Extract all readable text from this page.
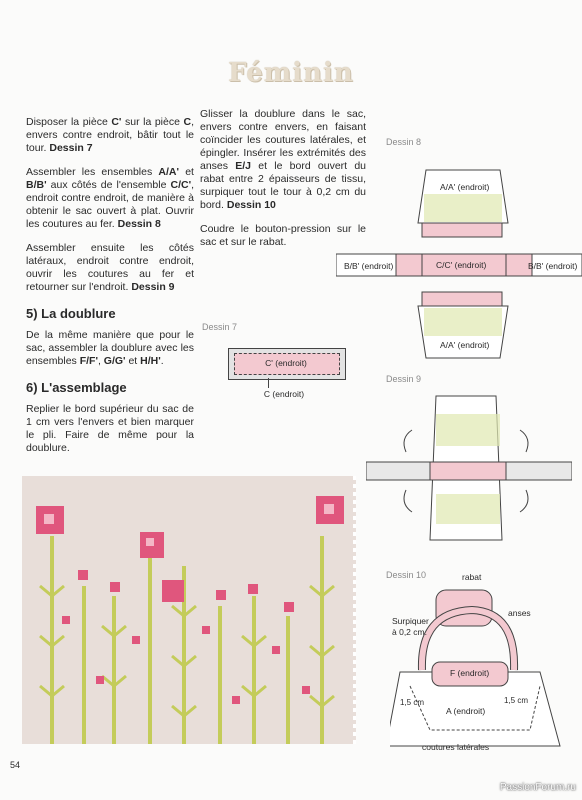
Féminin

Disposer la pièce C' sur la pièce C, envers contre endroit, bâtir tout le tour. Dessin 7

Assembler les ensembles A/A' et B/B' aux côtés de l'ensemble C/C', endroit contre endroit, de manière à obtenir le sac ouvert à plat. Ouvrir les coutures au fer. Dessin 8

Assembler ensuite les côtés latéraux, endroit contre endroit, ouvrir les coutures au fer et retourner sur l'endroit. Dessin 9

5) La doublure

De la même manière que pour le sac, assembler la doublure avec les ensembles F/F', G/G' et H/H'.

6) L'assemblage

Replier le bord supérieur du sac de 1 cm vers l'envers et bien marquer le pli. Faire de même pour la doublure.

Glisser la doublure dans le sac, envers contre envers, en faisant coïncider les coutures latérales, et épingler. Insérer les extrémités des anses E/J et le bord ouvert du rabat entre 2 épaisseurs de tissu, surpiquer tout le tour à 0,2 cm du bord. Dessin 10

Coudre le bouton-pression sur le sac et sur le rabat.

Dessin 7
C' (endroit)
C (endroit)
Dessin 8
A/A' (endroit)
C/C' (endroit)
B/B' (endroit)	B/B' (endroit)
A/A' (endroit)
Dessin 9
Dessin 10	rabat
anses
Surpiquer
à 0,2 cm.
F (endroit)
A (endroit)
1,5 cm	1,5 cm
coutures latérales
54
PassionForum.ru
